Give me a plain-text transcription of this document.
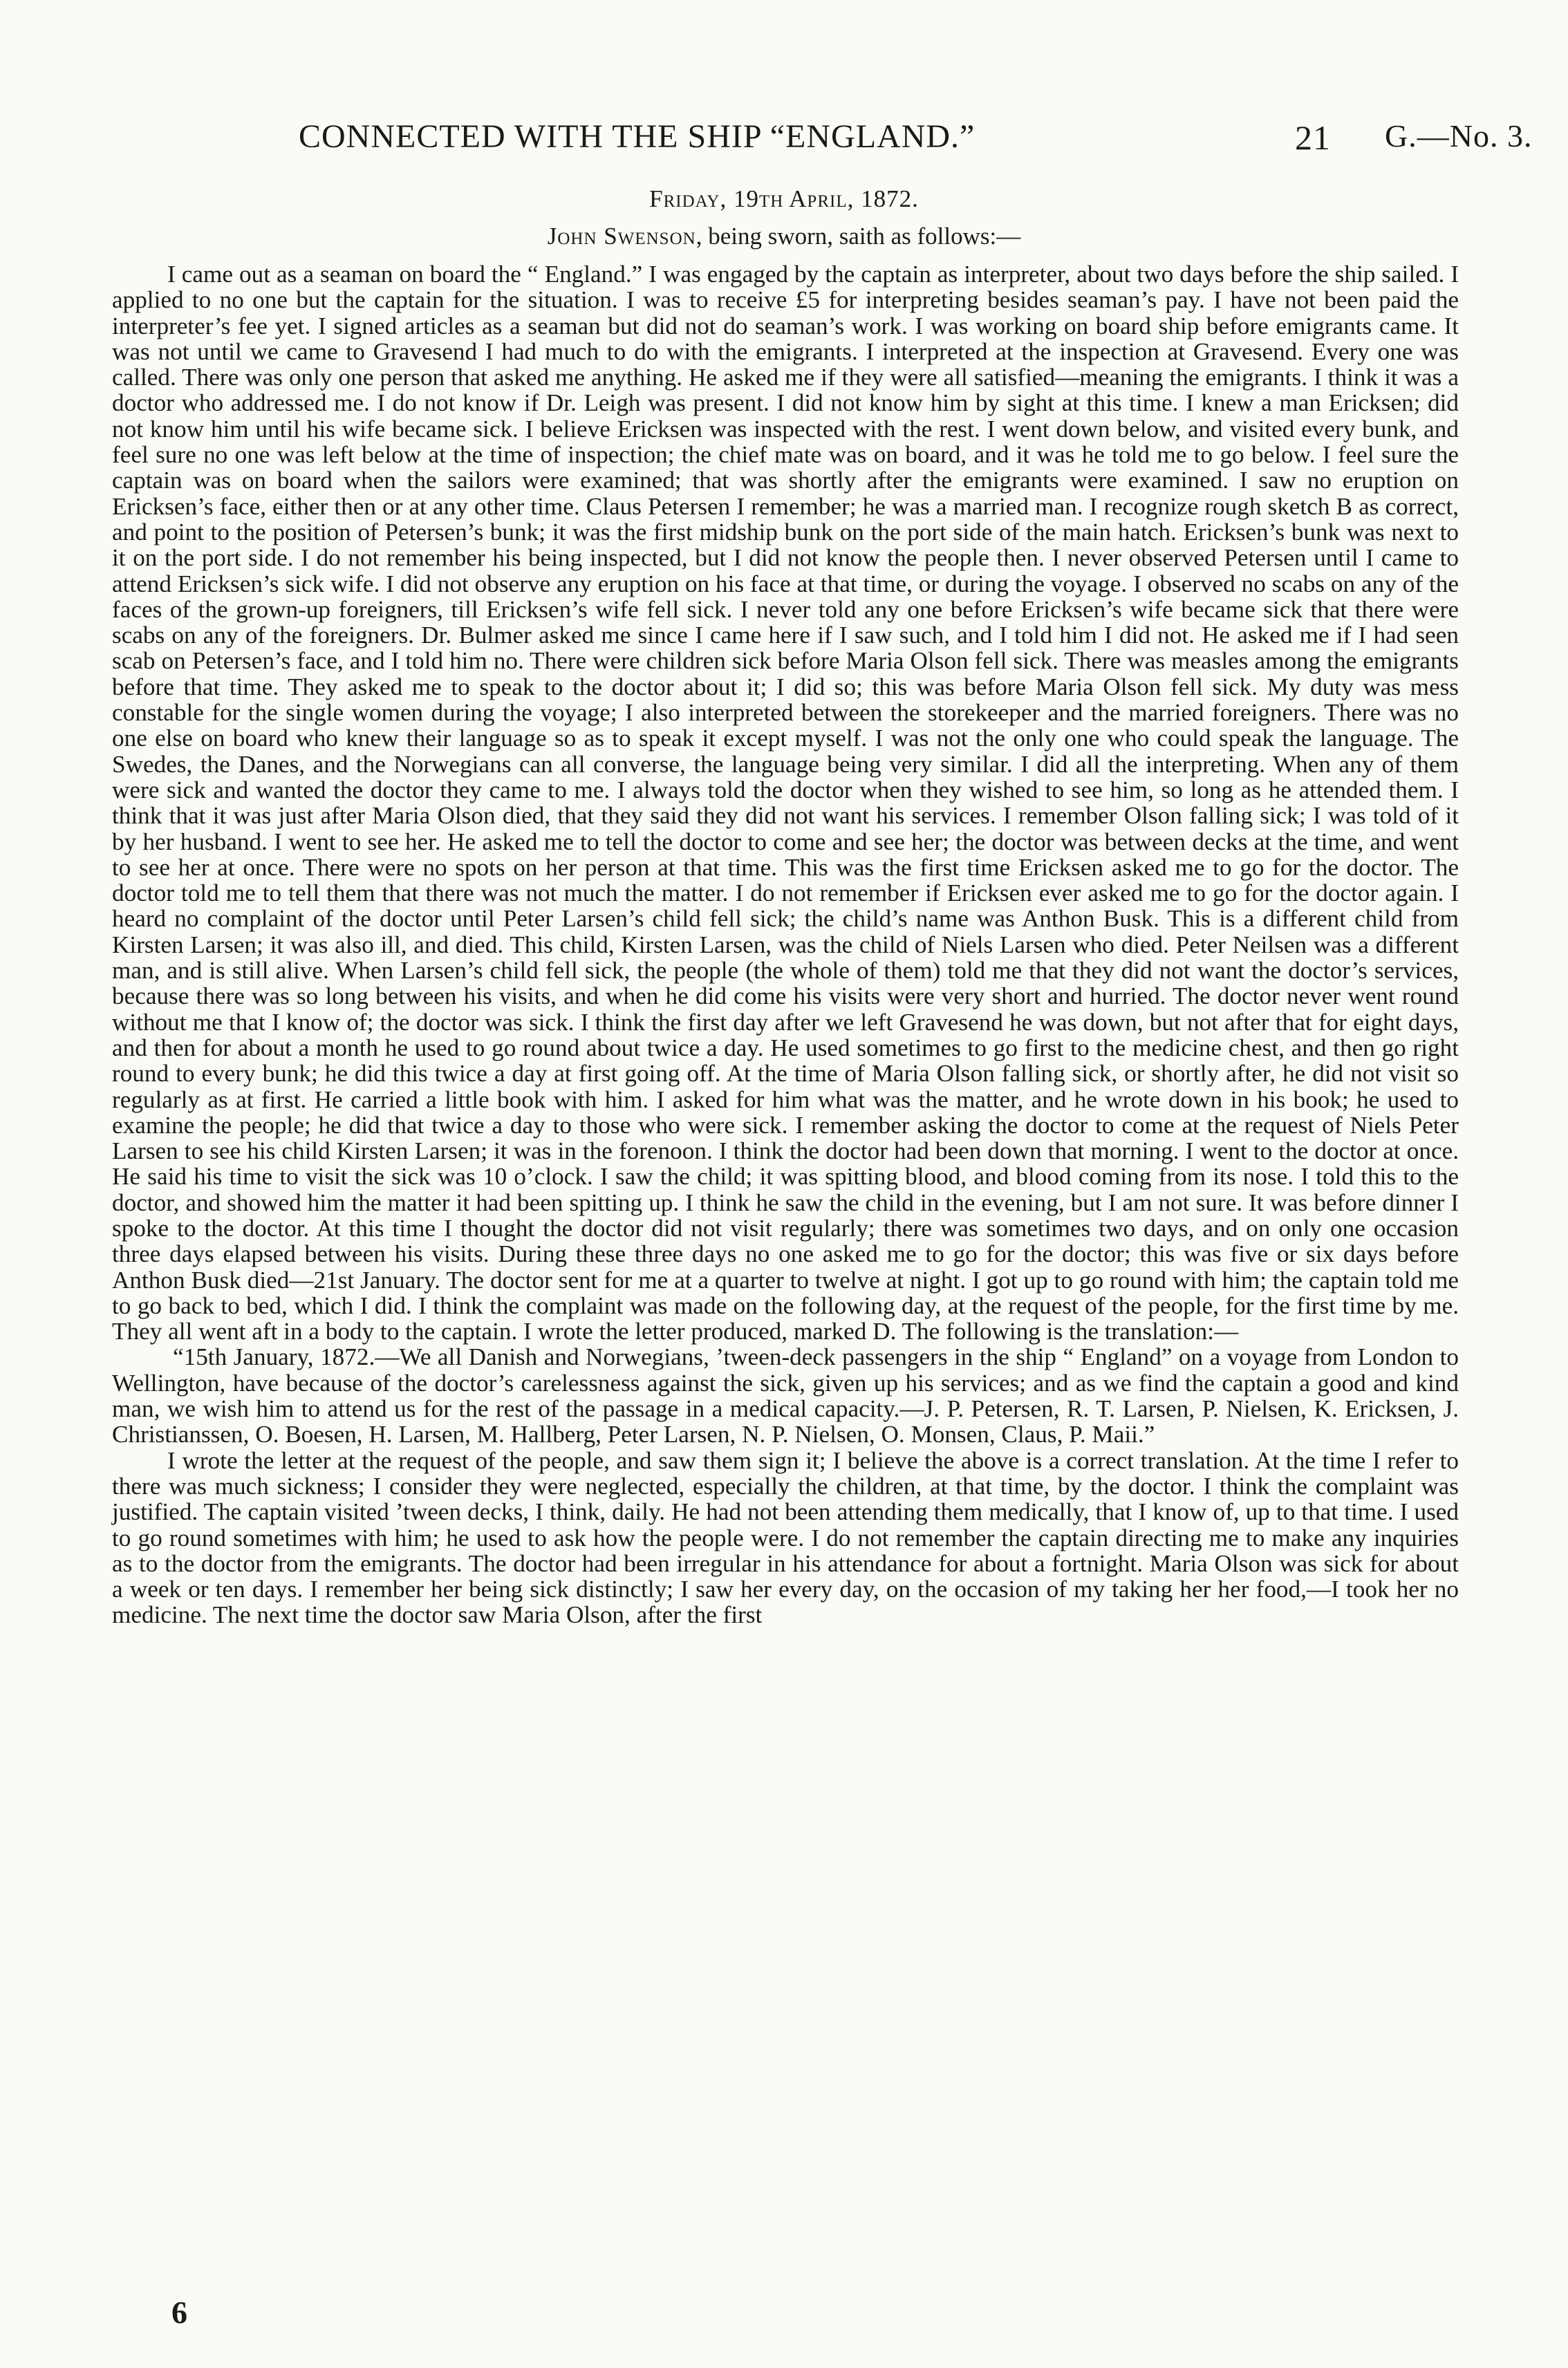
CONNECTED WITH THE SHIP “ENGLAND.”	21 G.—No. 3.
Friday, 19th April, 1872.
John Swenson, being sworn, saith as follows:—

I came out as a seaman on board the “ England.” I was engaged by the captain as interpreter, about two days before the ship sailed. I applied to no one but the captain for the situation. I was to receive £5 for interpreting besides seaman’s pay. I have not been paid the interpreter’s fee yet. I signed articles as a seaman but did not do seaman’s work. I was working on board ship before emigrants came. It was not until we came to Gravesend I had much to do with the emigrants. I interpreted at the inspection at Gravesend. Every one was called. There was only one person that asked me anything. He asked me if they were all satisfied—meaning the emigrants. I think it was a doctor who addressed me. I do not know if Dr. Leigh was present. I did not know him by sight at this time. I knew a man Ericksen; did not know him until his wife became sick. I believe Ericksen was inspected with the rest. I went down below, and visited every bunk, and feel sure no one was left below at the time of inspection; the chief mate was on board, and it was he told me to go below. I feel sure the captain was on board when the sailors were examined; that was shortly after the emigrants were examined. I saw no eruption on Ericksen’s face, either then or at any other time. Claus Petersen I remember; he was a married man. I recognize rough sketch B as correct, and point to the position of Petersen’s bunk; it was the first midship bunk on the port side of the main hatch. Ericksen’s bunk was next to it on the port side. I do not remember his being inspected, but I did not know the people then. I never observed Petersen until I came to attend Ericksen’s sick wife. I did not observe any eruption on his face at that time, or during the voyage. I observed no scabs on any of the faces of the grown-up foreigners, till Ericksen’s wife fell sick. I never told any one before Ericksen’s wife became sick that there were scabs on any of the foreigners. Dr. Bulmer asked me since I came here if I saw such, and I told him I did not. He asked me if I had seen scab on Petersen’s face, and I told him no. There were children sick before Maria Olson fell sick. There was measles among the emigrants before that time. They asked me to speak to the doctor about it; I did so; this was before Maria Olson fell sick. My duty was mess constable for the single women during the voyage; I also interpreted between the storekeeper and the married foreigners. There was no one else on board who knew their language so as to speak it except myself. I was not the only one who could speak the language. The Swedes, the Danes, and the Norwegians can all converse, the language being very similar. I did all the interpreting. When any of them were sick and wanted the doctor they came to me. I always told the doctor when they wished to see him, so long as he attended them. I think that it was just after Maria Olson died, that they said they did not want his services. I remember Olson falling sick; I was told of it by her husband. I went to see her. He asked me to tell the doctor to come and see her; the doctor was between decks at the time, and went to see her at once. There were no spots on her person at that time. This was the first time Ericksen asked me to go for the doctor. The doctor told me to tell them that there was not much the matter. I do not remember if Ericksen ever asked me to go for the doctor again. I heard no complaint of the doctor until Peter Larsen’s child fell sick; the child’s name was Anthon Busk. This is a different child from Kirsten Larsen; it was also ill, and died. This child, Kirsten Larsen, was the child of Niels Larsen who died. Peter Neilsen was a different man, and is still alive. When Larsen’s child fell sick, the people (the whole of them) told me that they did not want the doctor’s services, because there was so long between his visits, and when he did come his visits were very short and hurried. The doctor never went round without me that I know of; the doctor was sick. I think the first day after we left Gravesend he was down, but not after that for eight days, and then for about a month he used to go round about twice a day. He used sometimes to go first to the medicine chest, and then go right round to every bunk; he did this twice a day at first going off. At the time of Maria Olson falling sick, or shortly after, he did not visit so regularly as at first. He carried a little book with him. I asked for him what was the matter, and he wrote down in his book; he used to examine the people; he did that twice a day to those who were sick. I remember asking the doctor to come at the request of Niels Peter Larsen to see his child Kirsten Larsen; it was in the forenoon. I think the doctor had been down that morning. I went to the doctor at once. He said his time to visit the sick was 10 o’clock. I saw the child; it was spitting blood, and blood coming from its nose. I told this to the doctor, and showed him the matter it had been spitting up. I think he saw the child in the evening, but I am not sure. It was before dinner I spoke to the doctor. At this time I thought the doctor did not visit regularly; there was sometimes two days, and on only one occasion three days elapsed between his visits. During these three days no one asked me to go for the doctor; this was five or six days before Anthon Busk died—21st January. The doctor sent for me at a quarter to twelve at night. I got up to go round with him; the captain told me to go back to bed, which I did. I think the complaint was made on the following day, at the request of the people, for the first time by me. They all went aft in a body to the captain. I wrote the letter produced, marked D. The following is the translation:—

“15th January, 1872.—We all Danish and Norwegians, ’tween-deck passengers in the ship “ England” on a voyage from London to Wellington, have because of the doctor’s carelessness against the sick, given up his services; and as we find the captain a good and kind man, we wish him to attend us for the rest of the passage in a medical capacity.—J. P. Petersen, R. T. Larsen, P. Nielsen, K. Ericksen, J. Christianssen, O. Boesen, H. Larsen, M. Hallberg, Peter Larsen, N. P. Nielsen, O. Monsen, Claus, P. Maii.”

I wrote the letter at the request of the people, and saw them sign it; I believe the above is a correct translation. At the time I refer to there was much sickness; I consider they were neglected, especially the children, at that time, by the doctor. I think the complaint was justified. The captain visited ’tween decks, I think, daily. He had not been attending them medically, that I know of, up to that time. I used to go round sometimes with him; he used to ask how the people were. I do not remember the captain directing me to make any inquiries as to the doctor from the emigrants. The doctor had been irregular in his attendance for about a fortnight. Maria Olson was sick for about a week or ten days. I remember her being sick distinctly; I saw her every day, on the occasion of my taking her her food,—I took her no medicine. The next time the doctor saw Maria Olson, after the first

6
